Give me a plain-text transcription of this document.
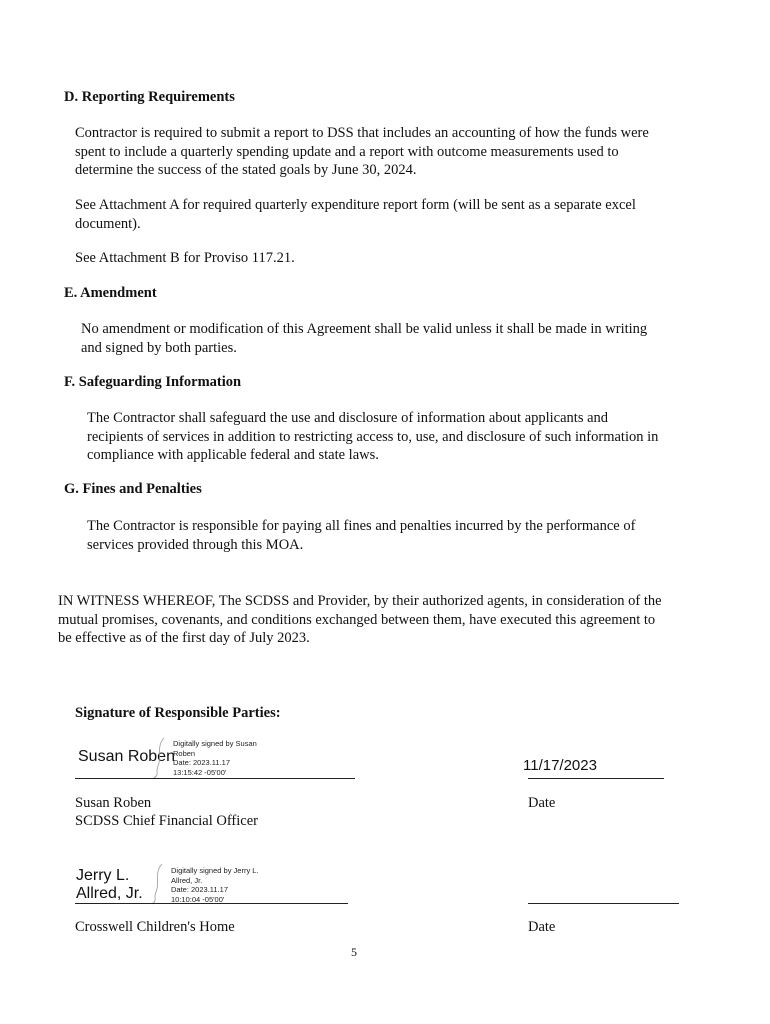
D. Reporting Requirements
Contractor is required to submit a report to DSS that includes an accounting of how the funds were
spent to include a quarterly spending update and a report with outcome measurements used to
determine the success of the stated goals by June 30, 2024.
See Attachment A for required quarterly expenditure report form (will be sent as a separate excel
document).
See Attachment B for Proviso 117.21.
E. Amendment
No amendment or modification of this Agreement shall be valid unless it shall be made in writing
and signed by both parties.
F. Safeguarding Information
The Contractor shall safeguard the use and disclosure of information about applicants and
recipients of services in addition to restricting access to, use, and disclosure of such information in
compliance with applicable federal and state laws.
G. Fines and Penalties
The Contractor is responsible for paying all fines and penalties incurred by the performance of
services provided through this MOA.
IN WITNESS WHEREOF, The SCDSS and Provider, by their authorized agents, in consideration of the
mutual promises, covenants, and conditions exchanged between them, have executed this agreement to
be effective as of the first day of July 2023.
Signature of Responsible Parties:
Susan Roben
Digitally signed by Susan
Roben
Date: 2023.11.17
13:15:42 -05'00'	11/17/2023
Susan Roben
SCDSS Chief Financial Officer
Date
Jerry L.
Allred, Jr.
Digitally signed by Jerry L.
Allred, Jr.
Date: 2023.11.17
10:10:04 -05'00'
Crosswell Children's Home	Date
5
